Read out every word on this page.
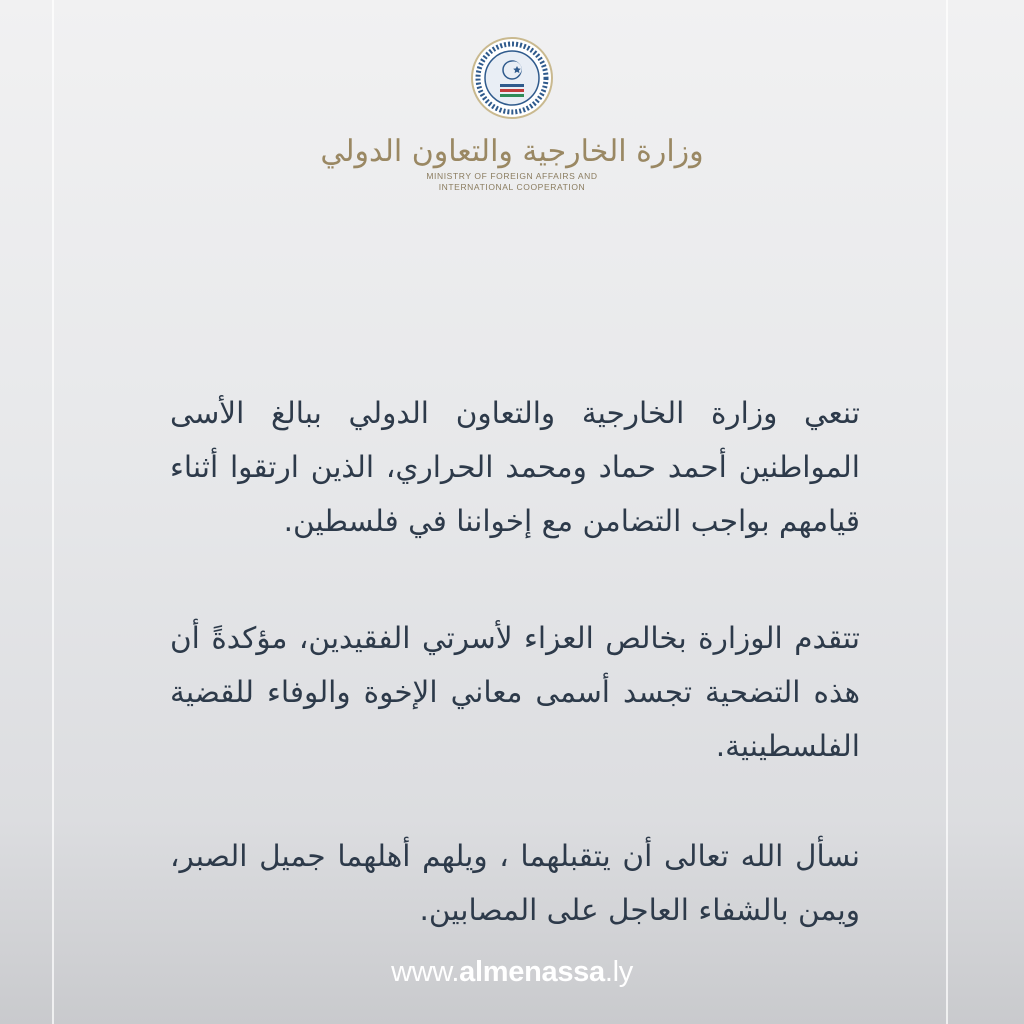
وزارة الخارجية والتعاون الدولي
MINISTRY OF FOREIGN AFFAIRS AND
INTERNATIONAL COOPERATION
تنعي وزارة الخارجية والتعاون الدولي ببالغ الأسى المواطنين أحمد حماد ومحمد الحراري، الذين ارتقوا أثناء قيامهم بواجب التضامن مع إخواننا في فلسطين.
تتقدم الوزارة بخالص العزاء لأسرتي الفقيدين، مؤكدةً أن هذه التضحية تجسد أسمى معاني الإخوة والوفاء للقضية الفلسطينية.
نسأل الله تعالى أن يتقبلهما ، ويلهم أهلهما جميل الصبر، ويمن بالشفاء العاجل على المصابين.
www.almenassa.ly
